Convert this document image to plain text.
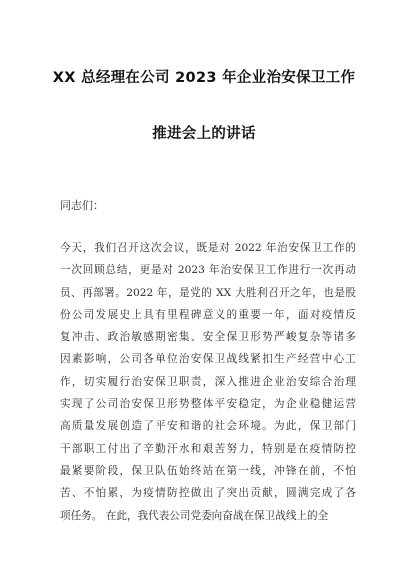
XX 总经理在公司 2023 年企业治安保卫工作
推进会上的讲话
同志们：
今天，我们召开这次会议，既是对 2022 年治安保卫工作的
一次回顾总结，更是对 2023 年治安保卫工作进行一次再动
员、再部署。2022 年，是党的 XX 大胜利召开之年，也是股
份公司发展史上具有里程碑意义的重要一年，面对疫情反
复冲击、政治敏感期密集、安全保卫形势严峻复杂等诸多
因素影响，公司各单位治安保卫战线紧扣生产经营中心工
作，切实履行治安保卫职责，深入推进企业治安综合治理
实现了公司治安保卫形势整体平安稳定，为企业稳健运营
高质量发展创造了平安和谐的社会环境。为此，保卫部门
干部职工付出了辛勤汗水和艰苦努力，特别是在疫情防控
最紧要阶段，保卫队伍始终站在第一线，冲锋在前，不怕
苦、不怕累，为疫情防控做出了突出贡献，圆满完成了各
项任务。 在此，我代表公司党委向奋战在保卫战线上的全
